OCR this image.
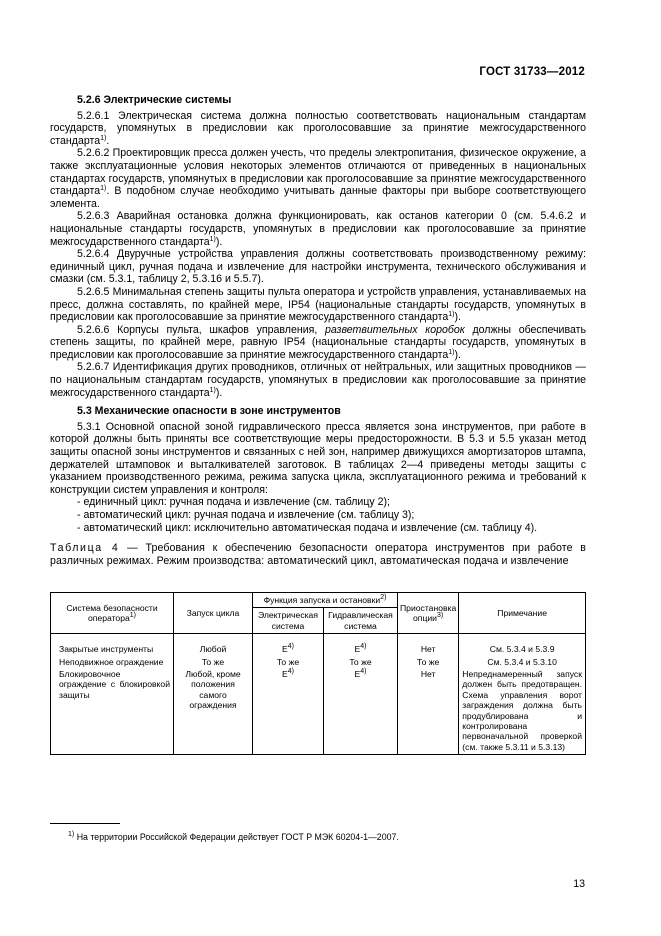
ГОСТ 31733—2012

5.2.6 Электрические системы

5.2.6.1 Электрическая система должна полностью соответствовать национальным стандартам государств, упомянутых в предисловии как проголосовавшие за принятие межгосударственного стандарта$^{1)}$.

5.2.6.2 Проектировщик пресса должен учесть, что пределы электропитания, физическое окружение, а также эксплуатационные условия некоторых элементов отличаются от приведенных в национальных стандартах государств, упомянутых в предисловии как проголосовавшие за принятие межгосударственного стандарта$^{1)}$. В подобном случае необходимо учитывать данные факторы при выборе соответствующего элемента.

5.2.6.3 Аварийная остановка должна функционировать, как останов категории 0 (см. 5.4.6.2 и национальные стандарты государств, упомянутых в предисловии как проголосовавшие за принятие межгосударственного стандарта$^{1)}$).

5.2.6.4 Двуручные устройства управления должны соответствовать производственному режиму: единичный цикл, ручная подача и извлечение для настройки инструмента, технического обслуживания и смазки (см. 5.3.1, таблицу 2, 5.3.16 и 5.5.7).

5.2.6.5 Минимальная степень защиты пульта оператора и устройств управления, устанавливаемых на пресс, должна составлять, по крайней мере, IP54 (национальные стандарты государств, упомянутых в предисловии как проголосовавшие за принятие межгосударственного стандарта$^{1)}$).

5.2.6.6 Корпусы пульта, шкафов управления, разветвительных коробок должны обеспечивать степень защиты, по крайней мере, равную IP54 (национальные стандарты государств, упомянутых в предисловии как проголосовавшие за принятие межгосударственного стандарта$^{1)}$).

5.2.6.7 Идентификация других проводников, отличных от нейтральных, или защитных проводников — по национальным стандартам государств, упомянутых в предисловии как проголосовавшие за принятие межгосударственного стандарта$^{1)}$).

5.3 Механические опасности в зоне инструментов

5.3.1 Основной опасной зоной гидравлического пресса является зона инструментов, при работе в которой должны быть приняты все соответствующие меры предосторожности. В 5.3 и 5.5 указан метод защиты опасной зоны инструментов и связанных с ней зон, например движущихся амортизаторов штампа, держателей штамповок и выталкивателей заготовок. В таблицах 2—4 приведены методы защиты с указанием производственного режима, режима запуска цикла, эксплуатационного режима и требований к конструкции систем управления и контроля:

- единичный цикл: ручная подача и извлечение (см. таблицу 2);

- автоматический цикл: ручная подача и извлечение (см. таблицу 3);

- автоматический цикл: исключительно автоматическая подача и извлечение (см. таблицу 4).

Таблица 4 — Требования к обеспечению безопасности оператора инструментов при работе в различных режимах. Режим производства: автоматический цикл, автоматическая подача и извлечение

Система безопасности оператора$^{1)}$	Запуск цикла	Функция запуска и остановки$^{2)}$		Приостановка опции$^{3)}$	Примечание
		Электрическая система	Гидравлическая система		
Закрытые инструменты	Любой	$E^{4)}$	$E^{4)}$	Нет	См. 5.3.4 и 5.3.9
Неподвижное ограждение	То же	То же	То же	То же	См. 5.3.4 и 5.3.10
Блокировочное ограждение с блокировкой защиты	Любой, кроме положения самого ограждения	$E^{4)}$	$E^{4)}$	Нет	Непреднамеренный запуск должен быть предотвращен. Схема управления ворот заграждения должна быть продублирована и контролирована первоначальной проверкой (см. также 5.3.11 и 5.3.13)
$^{1)}$ На территории Российской Федерации действует ГОСТ Р МЭК 60204-1—2007.
13
